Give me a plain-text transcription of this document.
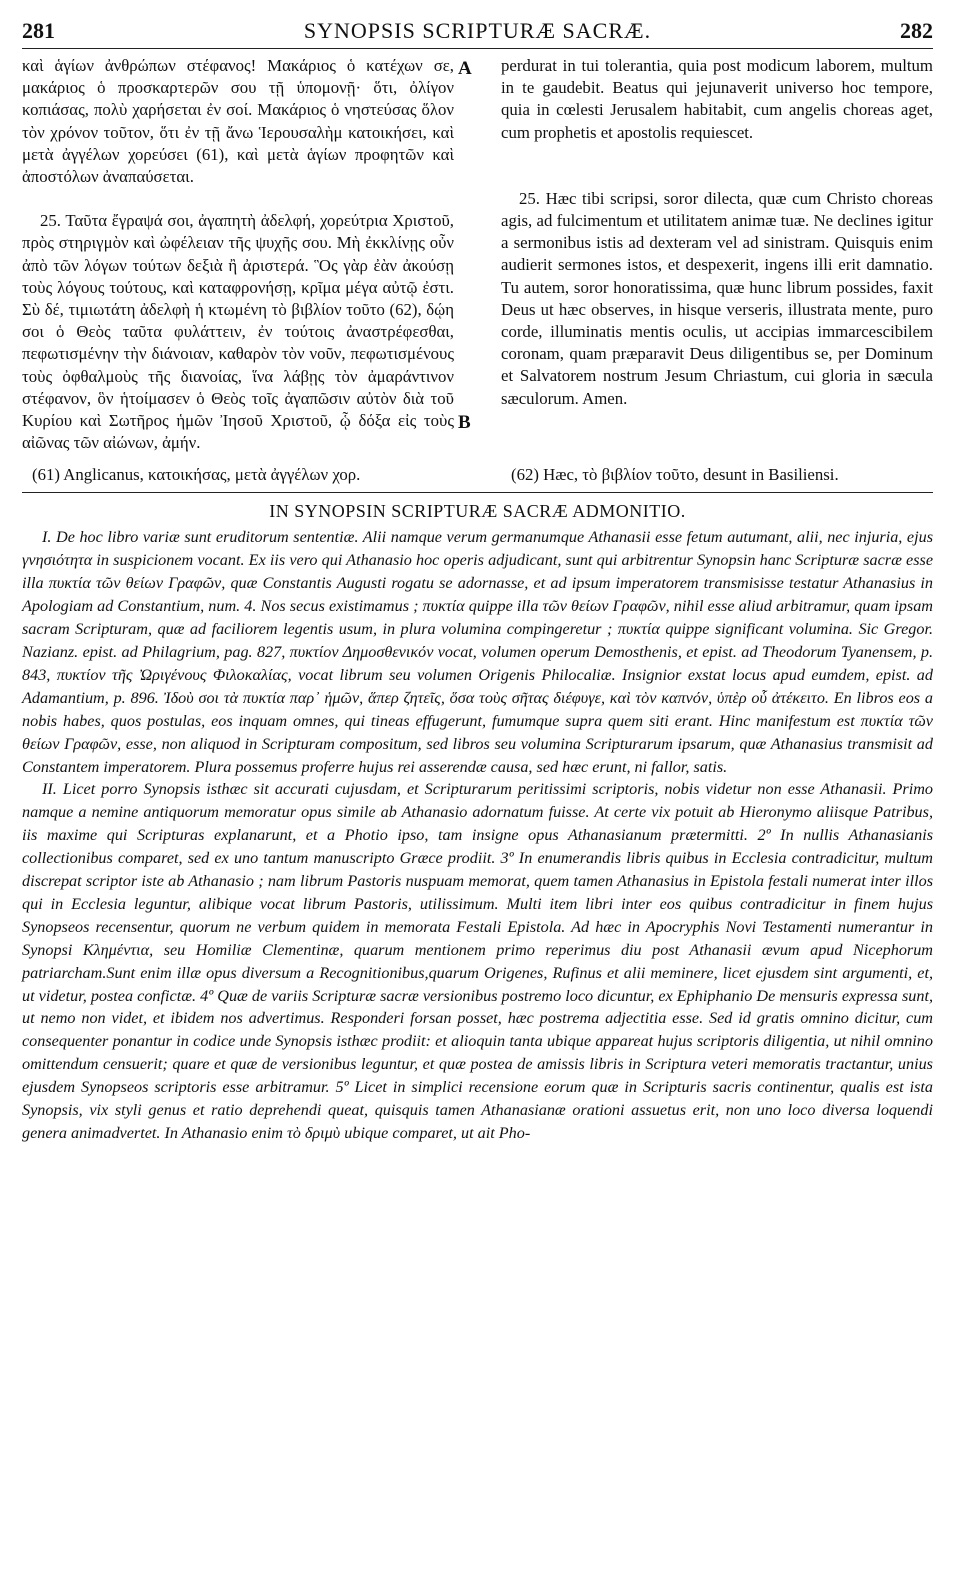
281	SYNOPSIS SCRIPTURÆ SACRÆ.	282

καὶ ἁγίων ἀνθρώπων στέφανος! Μακάριος ὁ κατέχων σε, μακάριος ὁ προσκαρτερῶν σου τῇ ὑπομονῇ· ὅτι, ὀλίγον κοπιάσας, πολὺ χαρήσεται ἐν σοί. Μακάριος ὁ νηστεύσας ὅλον τὸν χρόνον τοῦτον, ὅτι ἐν τῇ ἄνω Ἱερουσαλὴμ κατοικήσει, καὶ μετὰ ἀγγέλων χορεύσει (61), καὶ μετὰ ἁγίων προφητῶν καὶ ἀποστόλων ἀναπαύσεται.

25. Ταῦτα ἔγραψά σοι, ἀγαπητὴ ἀδελφή, χορεύτρια Χριστοῦ, πρὸς στηριγμὸν καὶ ὠφέλειαν τῆς ψυχῆς σου. Μὴ ἐκκλίνῃς οὖν ἀπὸ τῶν λόγων τούτων δεξιὰ ἢ ἀριστερά. Ὃς γὰρ ἐὰν ἀκούσῃ τοὺς λόγους τούτους, καὶ καταφρονήσῃ, κρῖμα μέγα αὐτῷ ἐστι. Σὺ δέ, τιμιωτάτη ἀδελφὴ ἡ κτωμένη τὸ βιβλίον τοῦτο (62), δῴη σοι ὁ Θεὸς ταῦτα φυλάττειν, ἐν τούτοις ἀναστρέφεσθαι, πεφωτισμένην τὴν διάνοιαν, καθαρὸν τὸν νοῦν, πεφωτισμένους τοὺς ὀφθαλμοὺς τῆς διανοίας, ἵνα λάβῃς τὸν ἀμαράντινον στέφανον, ὃν ἡτοίμασεν ὁ Θεὸς τοῖς ἀγαπῶσιν αὐτὸν διὰ τοῦ Κυρίου καὶ Σωτῆρος ἡμῶν Ἰησοῦ Χριστοῦ, ᾧ δόξα εἰς τοὺς αἰῶνας τῶν αἰώνων, ἀμήν.

perdurat in tui tolerantia, quia post modicum laborem, multum in te gaudebit. Beatus qui jejunaverit universo hoc tempore, quia in cœlesti Jerusalem habitabit, cum angelis choreas aget, cum prophetis et apostolis requiescet.

25. Hæc tibi scripsi, soror dilecta, quæ cum Christo choreas agis, ad fulcimentum et utilitatem animæ tuæ. Ne declines igitur a sermonibus istis ad dexteram vel ad sinistram. Quisquis enim audierit sermones istos, et despexerit, ingens illi erit damnatio. Tu autem, soror honoratissima, quæ hunc librum possides, faxit Deus ut hæc observes, in hisque verseris, illustrata mente, puro corde, illuminatis mentis oculis, ut accipias immarcescibilem coronam, quam præparavit Deus diligentibus se, per Dominum et Salvatorem nostrum Jesum Chriastum, cui gloria in sæcula sæculorum. Amen.

A
B
(61) Anglicanus, κατοικήσας, μετὰ ἀγγέλων χορ.	(62) Hæc, τὸ βιβλίον τοῦτο, desunt in Basiliensi.
IN SYNOPSIN SCRIPTURÆ SACRÆ ADMONITIO.

I. De hoc libro variæ sunt eruditorum sententiæ. Alii namque verum germanumque Athanasii esse fetum autumant, alii, nec injuria, ejus γνησιότητα in suspicionem vocant. Ex iis vero qui Athanasio hoc operis adjudicant, sunt qui arbitrentur Synopsin hanc Scripturæ sacræ esse illa πυκτία τῶν θείων Γραφῶν, quæ Constantis Augusti rogatu se adornasse, et ad ipsum imperatorem transmisisse testatur Athanasius in Apologiam ad Constantium, num. 4. Nos secus existimamus ; πυκτία quippe illa τῶν θείων Γραφῶν, nihil esse aliud arbitramur, quam ipsam sacram Scripturam, quæ ad faciliorem legentis usum, in plura volumina compingeretur ; πυκτία quippe significant volumina. Sic Gregor. Nazianz. epist. ad Philagrium, pag. 827, πυκτίον Δημοσθενικόν vocat, volumen operum Demosthenis, et epist. ad Theodorum Tyanensem, p. 843, πυκτίον τῆς Ὠριγένους Φιλοκαλίας, vocat librum seu volumen Origenis Philocaliæ. Insignior exstat locus apud eumdem, epist. ad Adamantium, p. 896. Ἰδοὺ σοι τὰ πυκτία παρ᾽ ἡμῶν, ἅπερ ζητεῖς, ὅσα τοὺς σῆτας διέφυγε, καὶ τὸν καπνόν, ὑπὲρ οὗ ἀτέκειτο. En libros eos a nobis habes, quos postulas, eos inquam omnes, qui tineas effugerunt, fumumque supra quem siti erant. Hinc manifestum est πυκτία τῶν θείων Γραφῶν, esse, non aliquod in Scripturam compositum, sed libros seu volumina Scripturarum ipsarum, quæ Athanasius transmisit ad Constantem imperatorem. Plura possemus proferre hujus rei asserendæ causa, sed hæc erunt, ni fallor, satis.

II. Licet porro Synopsis isthæc sit accurati cujusdam, et Scripturarum peritissimi scriptoris, nobis videtur non esse Athanasii. Primo namque a nemine antiquorum memoratur opus simile ab Athanasio adornatum fuisse. At certe vix potuit ab Hieronymo aliisque Patribus, iis maxime qui Scripturas explanarunt, et a Photio ipso, tam insigne opus Athanasianum prætermitti. 2º In nullis Athanasianis collectionibus comparet, sed ex uno tantum manuscripto Græce prodiit. 3º In enumerandis libris quibus in Ecclesia contradicitur, multum discrepat scriptor iste ab Athanasio ; nam librum Pastoris nuspuam memorat, quem tamen Athanasius in Epistola festali numerat inter illos qui in Ecclesia leguntur, alibique vocat librum Pastoris, utilissimum. Multi item libri inter eos quibus contradicitur in finem hujus Synopseos recensentur, quorum ne verbum quidem in memorata Festali Epistola. Ad hæc in Apocryphis Novi Testamenti numerantur in Synopsi Κλημέντια, seu Homiliæ Clementinæ, quarum mentionem primo reperimus diu post Athanasii ævum apud Nicephorum patriarcham.Sunt enim illæ opus diversum a Recognitionibus,quarum Origenes, Rufinus et alii meminere, licet ejusdem sint argumenti, et, ut videtur, postea confictæ. 4º Quæ de variis Scripturæ sacræ versionibus postremo loco dicuntur, ex Ephiphanio De mensuris expressa sunt, ut nemo non videt, et ibidem nos advertimus. Responderi forsan posset, hæc postrema adjectitia esse. Sed id gratis omnino dicitur, cum consequenter ponantur in codice unde Synopsis isthæc prodiit: et alioquin tanta ubique appareat hujus scriptoris diligentia, ut nihil omnino omittendum censuerit; quare et quæ de versionibus leguntur, et quæ postea de amissis libris in Scriptura veteri memoratis tractantur, unius ejusdem Synopseos scriptoris esse arbitramur. 5º Licet in simplici recensione eorum quæ in Scripturis sacris continentur, qualis est ista Synopsis, vix styli genus et ratio deprehendi queat, quisquis tamen Athanasianæ orationi assuetus erit, non uno loco diversa loquendi genera animadvertet. In Athanasio enim τὸ δριμὺ ubique comparet, ut ait Pho-
